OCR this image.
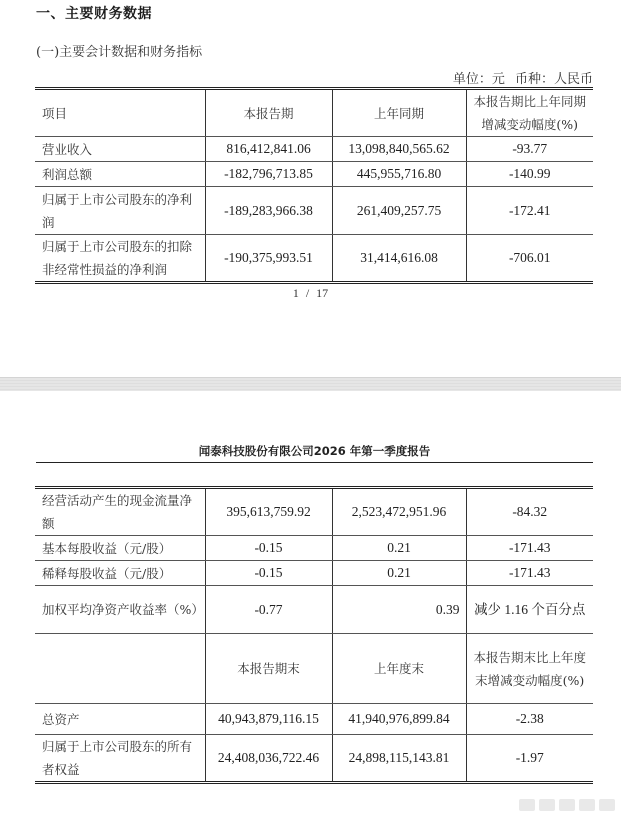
一、主要财务数据
(一)主要会计数据和财务指标
单位：元 币种：人民币
项目	本报告期	上年同期	本报告期比上年同期增减变动幅度(%)
营业收入	816,412,841.06	13,098,840,565.62	-93.77
利润总额	-182,796,713.85	445,955,716.80	-140.99
归属于上市公司股东的净利润	-189,283,966.38	261,409,257.75	-172.41
归属于上市公司股东的扣除非经常性损益的净利润	-190,375,993.51	31,414,616.08	-706.01
1 / 17
闻泰科技股份有限公司2026 年第一季度报告
经营活动产生的现金流量净额	395,613,759.92	2,523,472,951.96	-84.32
基本每股收益（元/股）	-0.15	0.21	-171.43
稀释每股收益（元/股）	-0.15	0.21	-171.43
加权平均净资产收益率（%）	-0.77	0.39	减少 1.16 个百分点
	本报告期末	上年度末	本报告期末比上年度末增减变动幅度(%)
总资产	40,943,879,116.15	41,940,976,899.84	-2.38
归属于上市公司股东的所有者权益	24,408,036,722.46	24,898,115,143.81	-1.97
